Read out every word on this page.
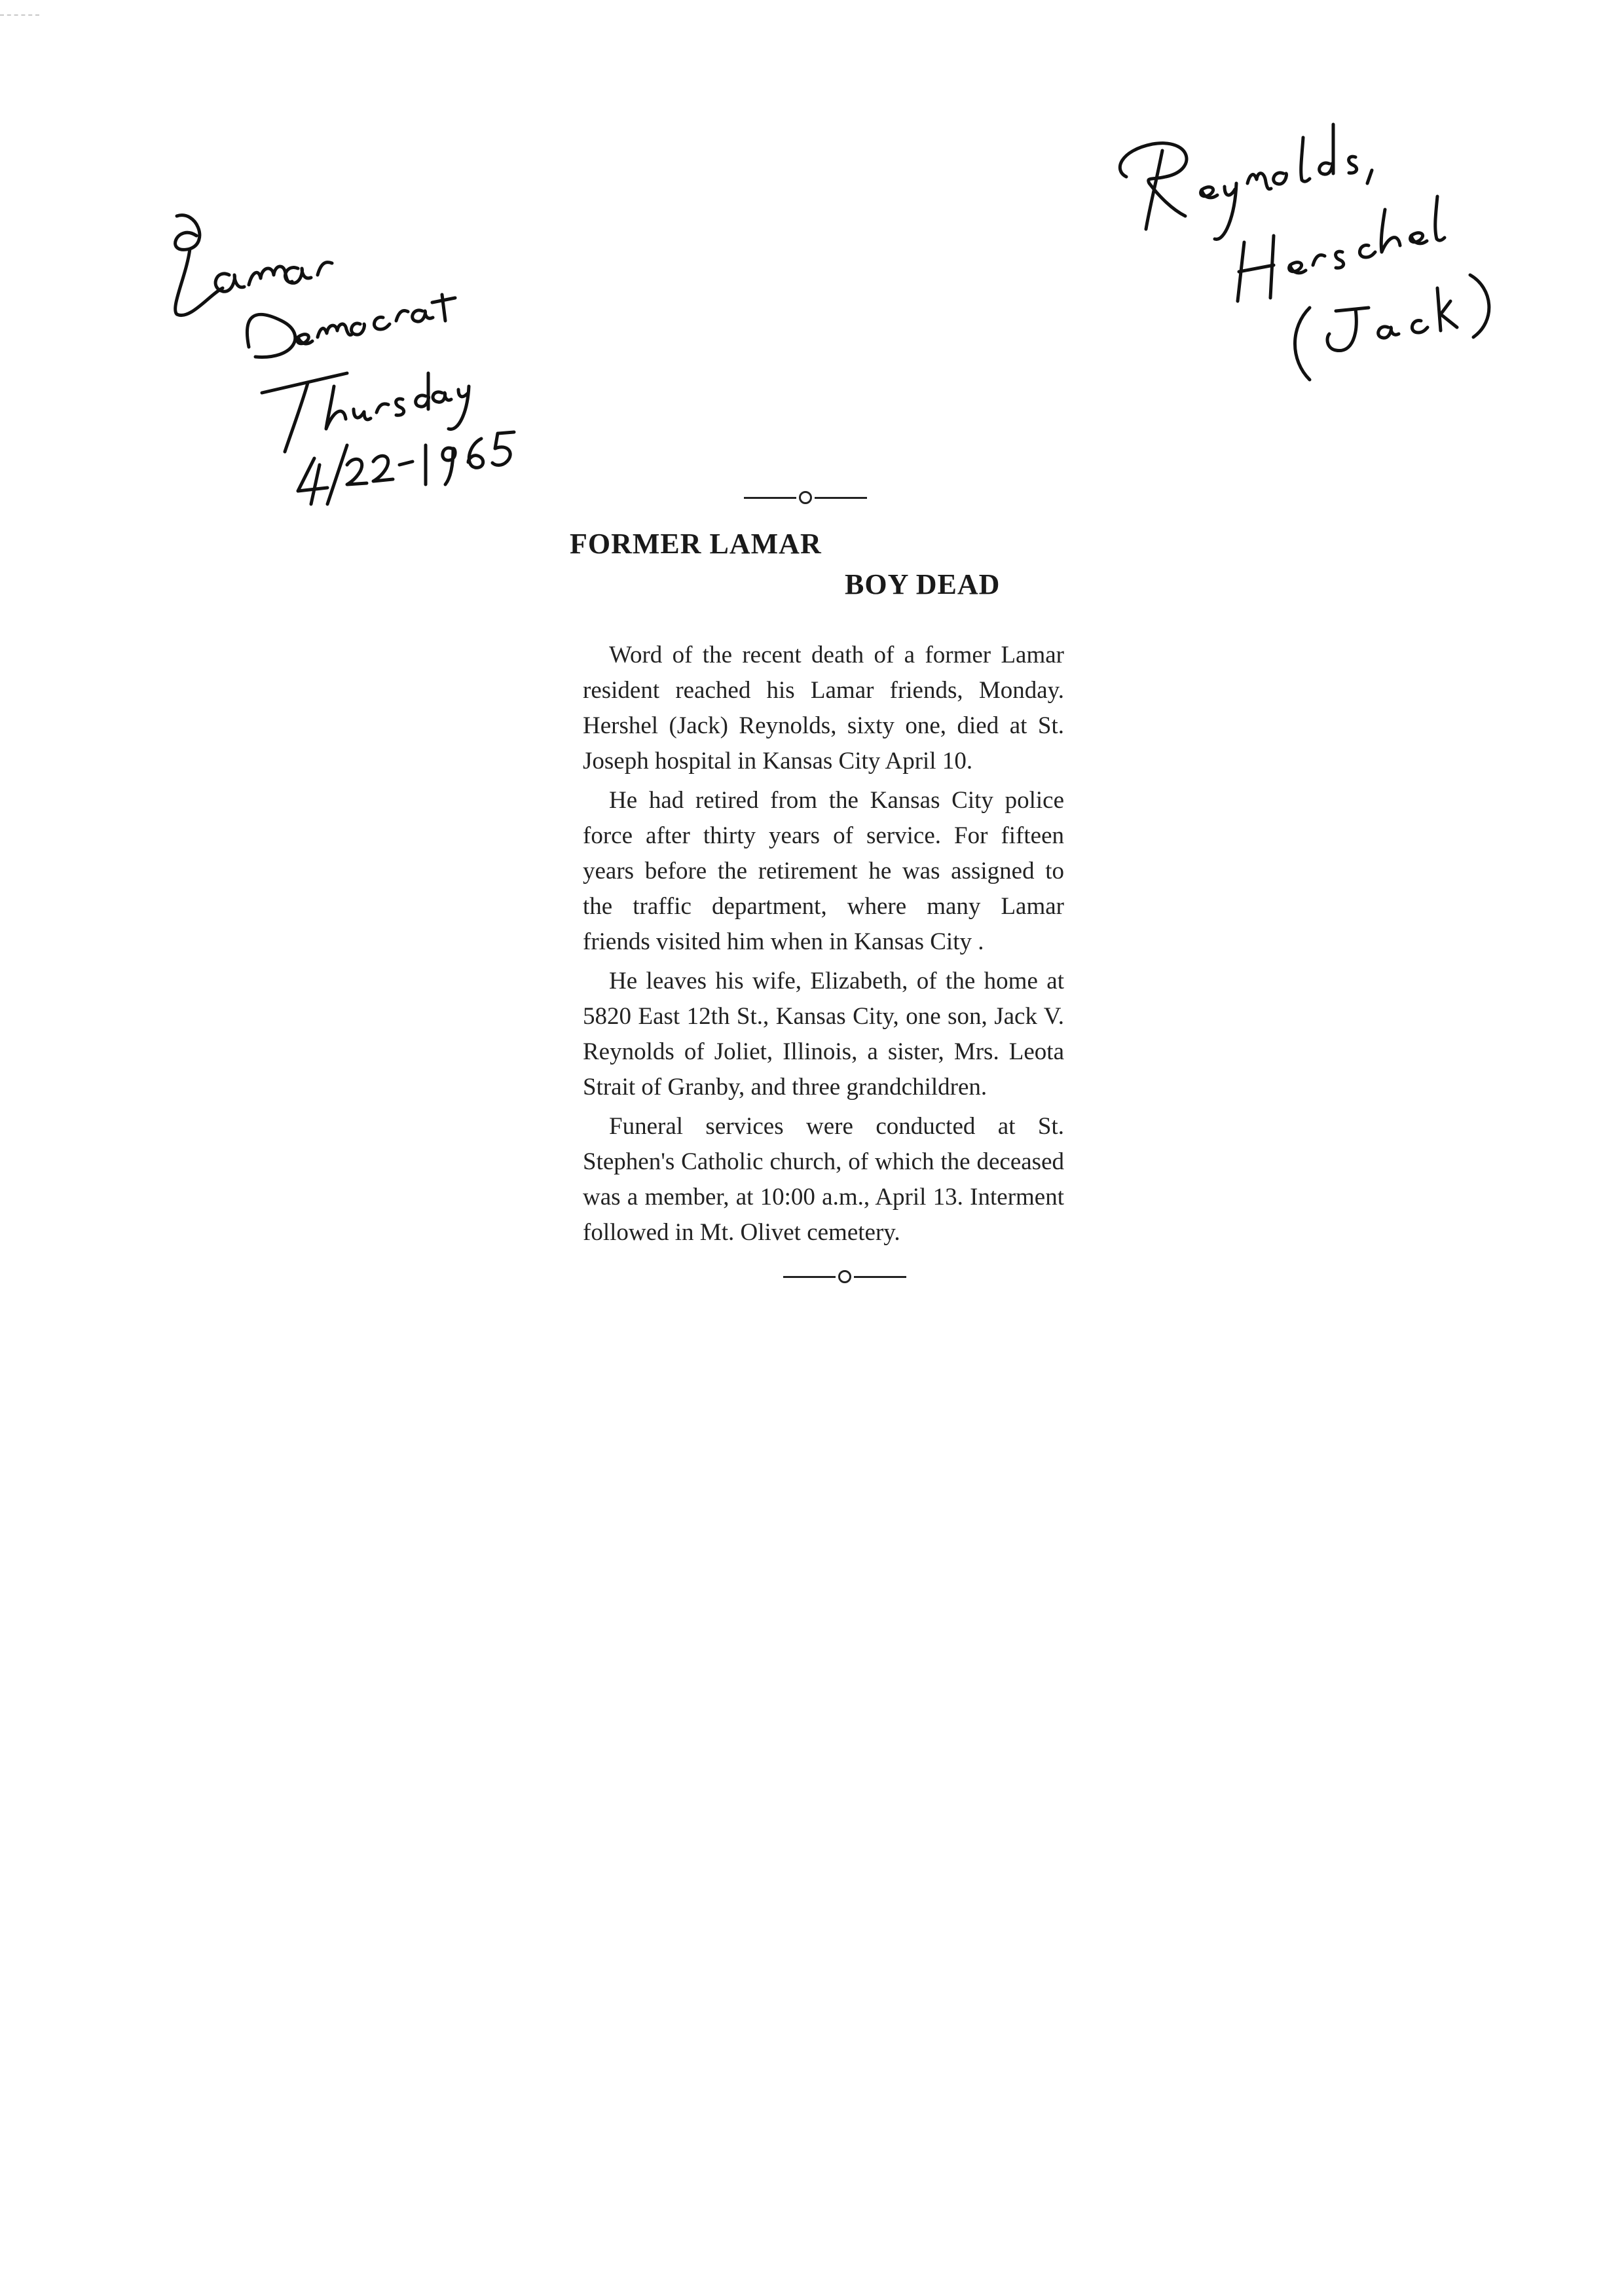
FORMER LAMAR
BOY DEAD

Word of the recent death of a former Lamar resident reached his Lamar friends, Monday. Hershel (Jack) Reynolds, sixty one, died at St. Joseph hospital in Kansas City April 10.

He had retired from the Kansas City police force after thirty years of service. For fifteen years before the retirement he was assigned to the traffic department, where many Lamar friends visited him when in Kansas City .

He leaves his wife, Elizabeth, of the home at 5820 East 12th St., Kansas City, one son, Jack V. Reynolds of Joliet, Illinois, a sister, Mrs. Leota Strait of Granby, and three grandchildren.

Funeral services were conducted at St. Stephen's Catholic church, of which the deceased was a member, at 10:00 a.m., April 13. Interment followed in Mt. Olivet cemetery.
